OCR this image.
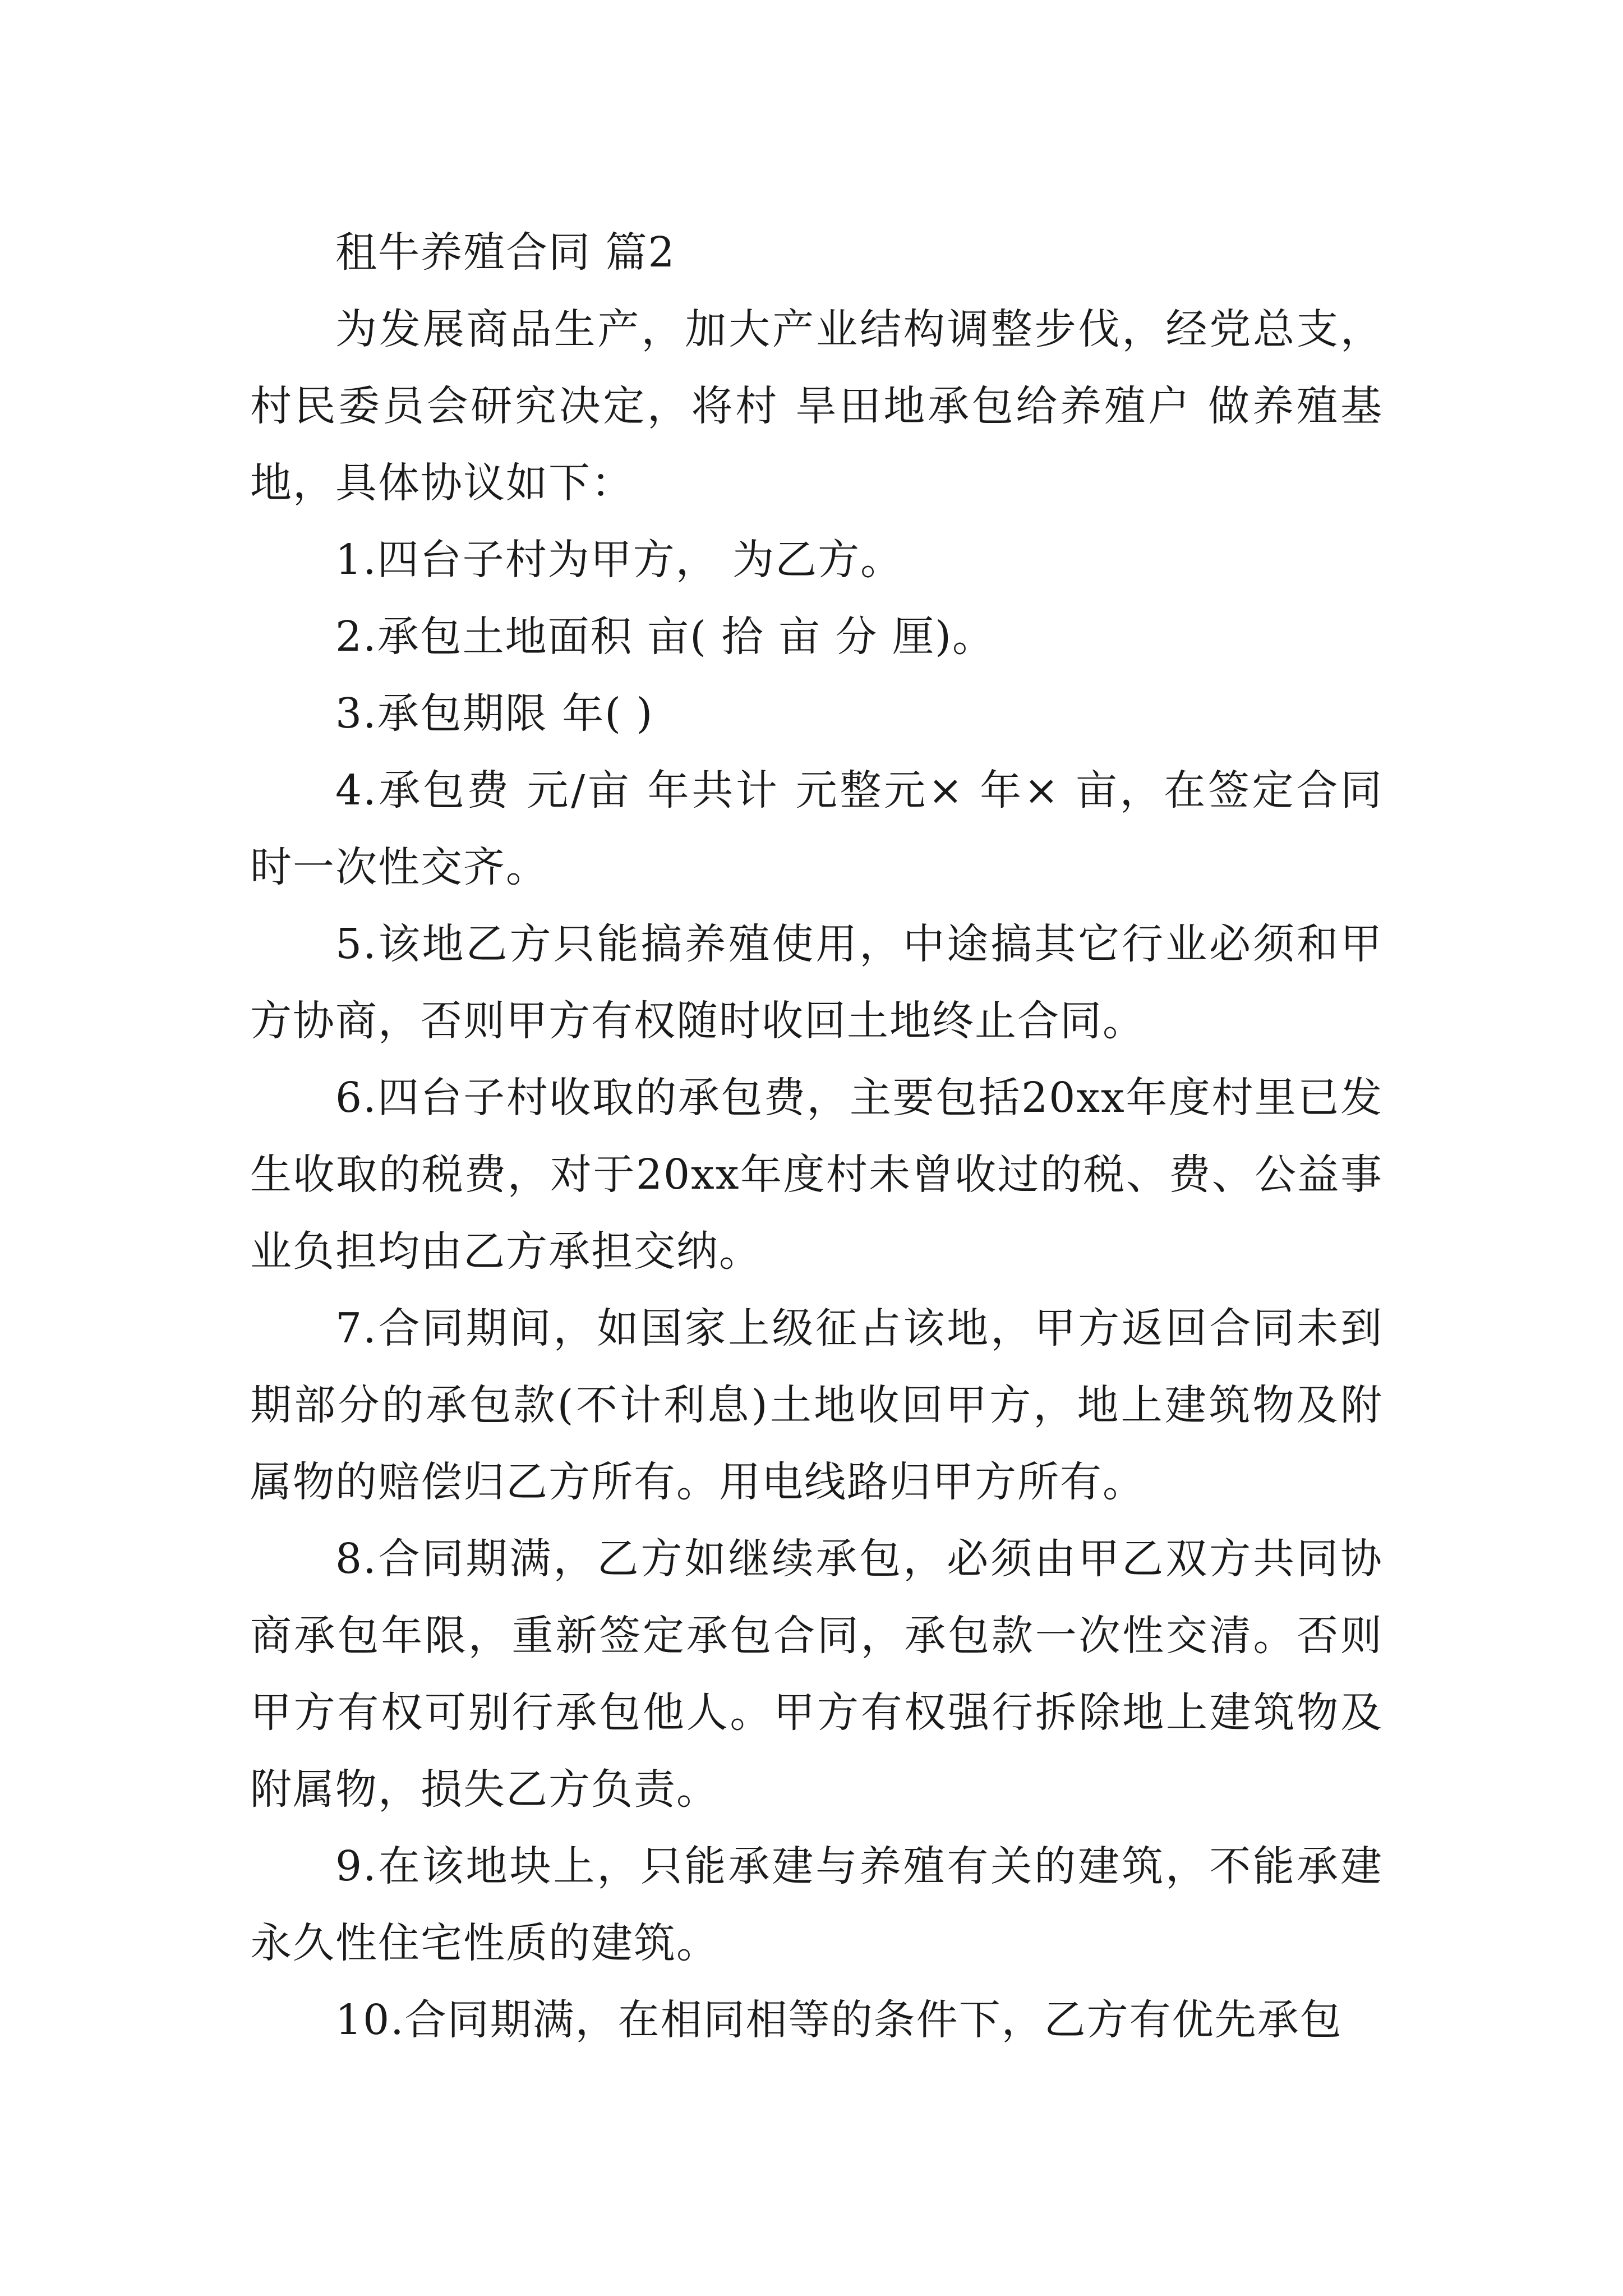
租牛养殖合同 篇2

为发展商品生产，加大产业结构调整步伐，经党总支，村民委员会研究决定，将村 旱田地承包给养殖户 做养殖基地，具体协议如下：

1.四台子村为甲方， 为乙方。

2.承包土地面积 亩( 拾 亩 分 厘)。

3.承包期限 年( )

4.承包费 元/亩 年共计 元整元× 年× 亩，在签定合同时一次性交齐。

5.该地乙方只能搞养殖使用，中途搞其它行业必须和甲方协商，否则甲方有权随时收回土地终止合同。

6.四台子村收取的承包费，主要包括20xx年度村里已发生收取的税费，对于20xx年度村未曾收过的税、费、公益事业负担均由乙方承担交纳。

7.合同期间，如国家上级征占该地，甲方返回合同未到期部分的承包款(不计利息)土地收回甲方，地上建筑物及附属物的赔偿归乙方所有。用电线路归甲方所有。

8.合同期满，乙方如继续承包，必须由甲乙双方共同协商承包年限，重新签定承包合同，承包款一次性交清。否则甲方有权可别行承包他人。甲方有权强行拆除地上建筑物及附属物，损失乙方负责。

9.在该地块上，只能承建与养殖有关的建筑，不能承建永久性住宅性质的建筑。

10.合同期满，在相同相等的条件下，乙方有优先承包
